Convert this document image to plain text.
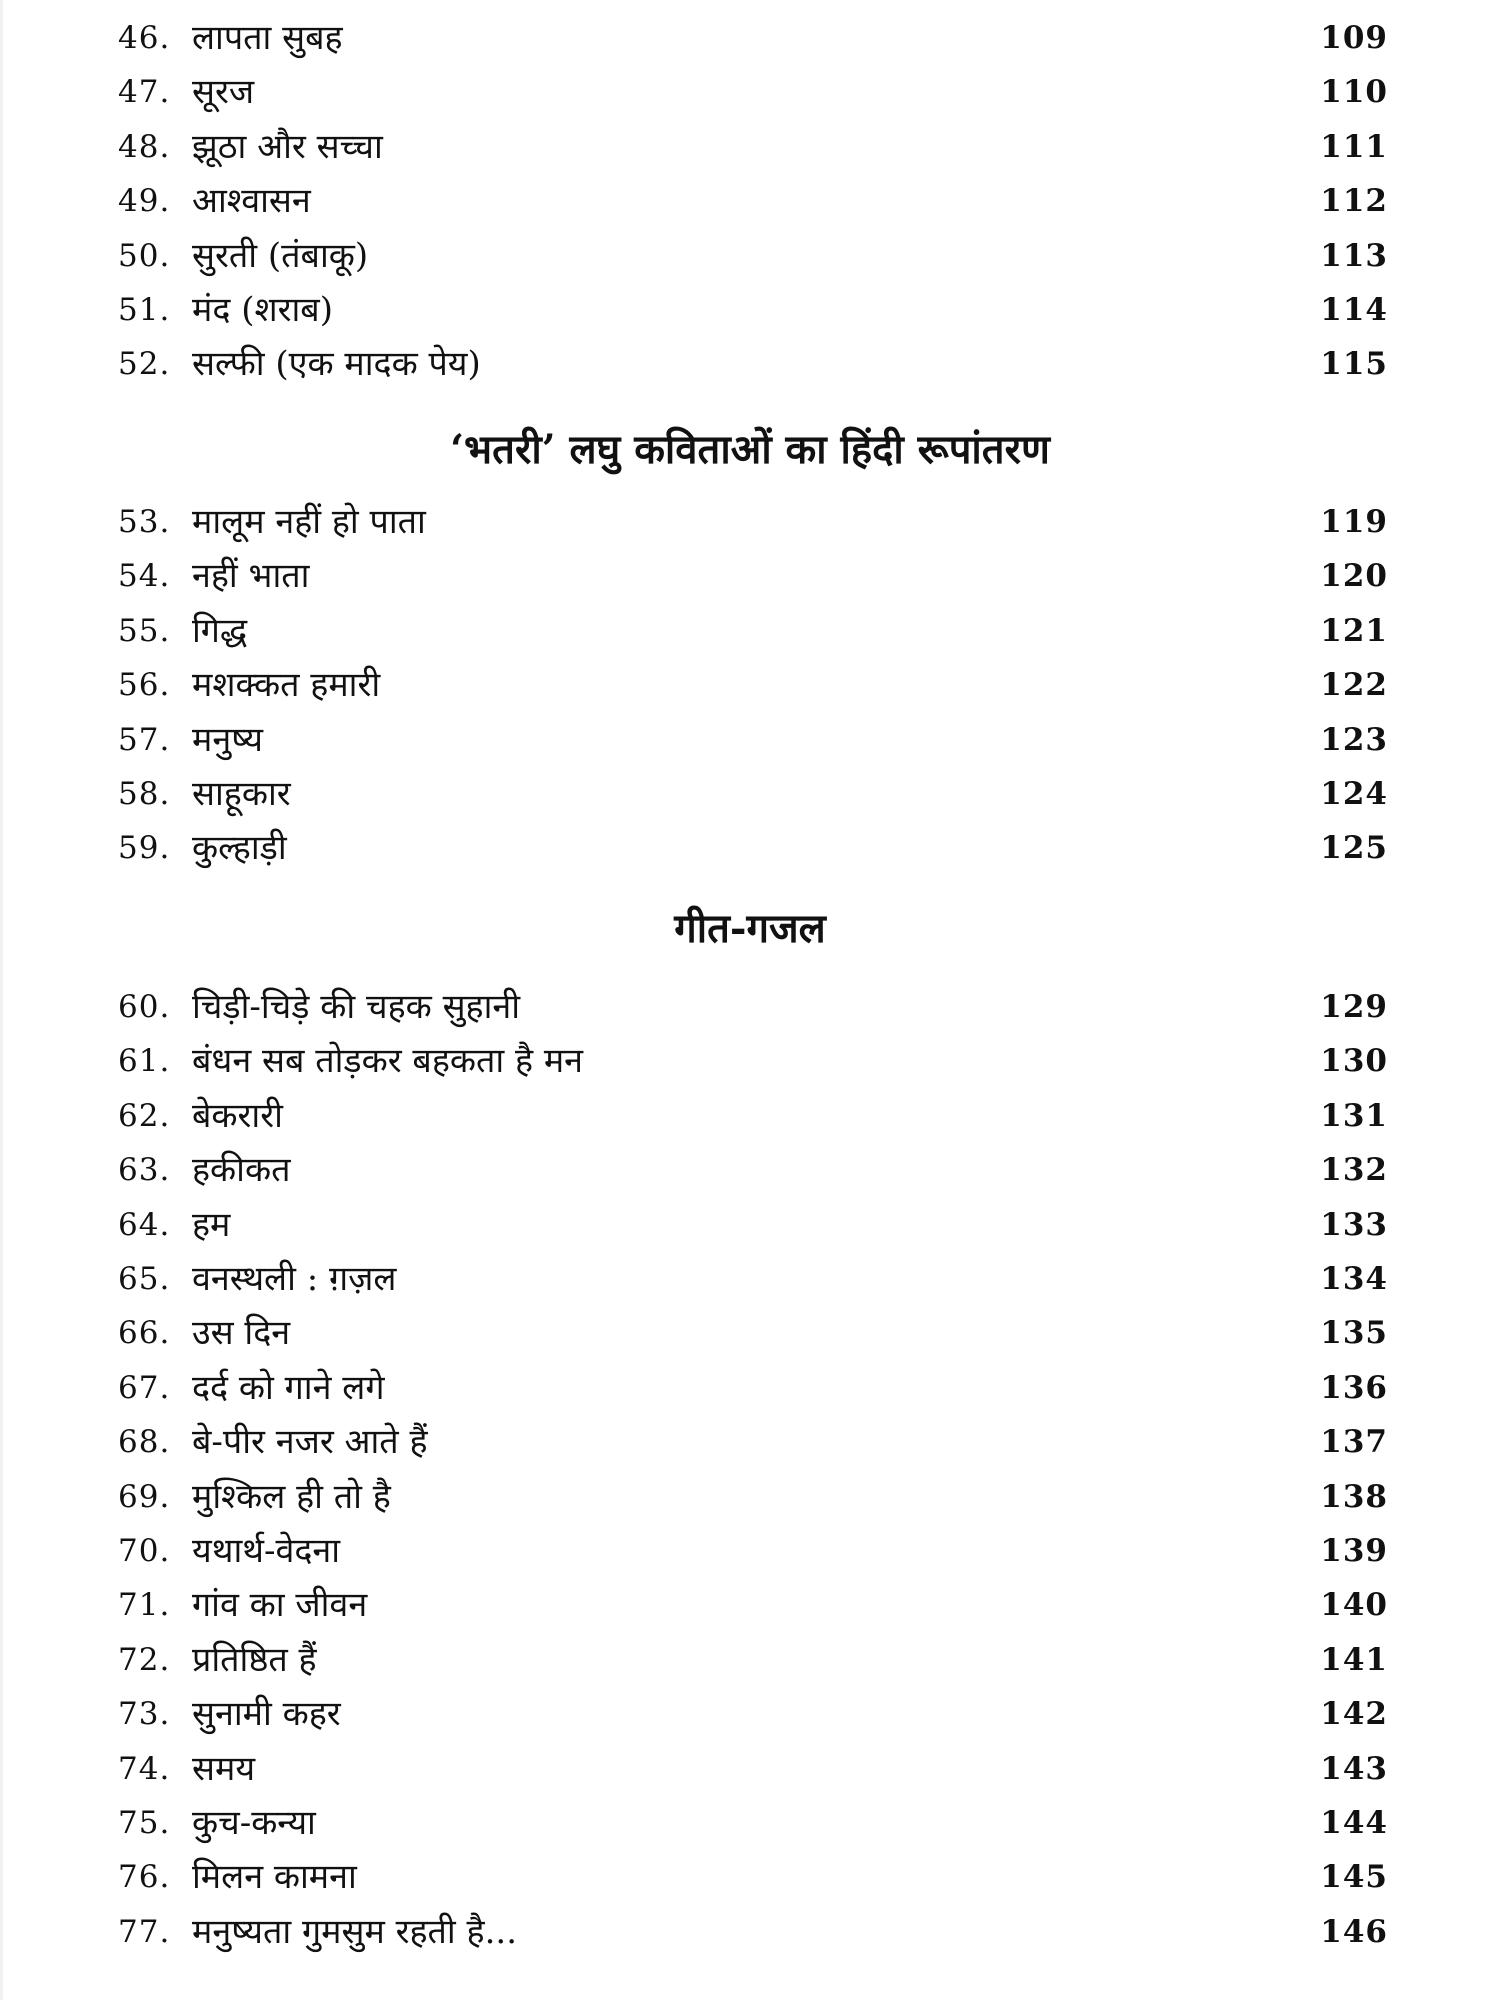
46. लापता सुबह	109
47. सूरज	110
48. झूठा और सच्चा	111
49. आश्वासन	112
50. सुरती (तंबाकू)	113
51. मंद (शराब)	114
52. सल्फी (एक मादक पेय)	115
‘भतरी’ लघु कविताओं का हिंदी रूपांतरण
53. मालूम नहीं हो पाता	119
54. नहीं भाता	120
55. गिद्ध	121
56. मशक्कत हमारी	122
57. मनुष्य	123
58. साहूकार	124
59. कुल्हाड़ी	125
गीत-गजल
60. चिड़ी-चिड़े की चहक सुहानी	129
61. बंधन सब तोड़कर बहकता है मन	130
62. बेकरारी	131
63. हकीकत	132
64. हम	133
65. वनस्थली : ग़ज़ल	134
66. उस दिन	135
67. दर्द को गाने लगे	136
68. बे-पीर नजर आते हैं	137
69. मुश्किल ही तो है	138
70. यथार्थ-वेदना	139
71. गांव का जीवन	140
72. प्रतिष्ठित हैं	141
73. सुनामी कहर	142
74. समय	143
75. कुच-कन्या	144
76. मिलन कामना	145
77. मनुष्यता गुमसुम रहती है...	146
